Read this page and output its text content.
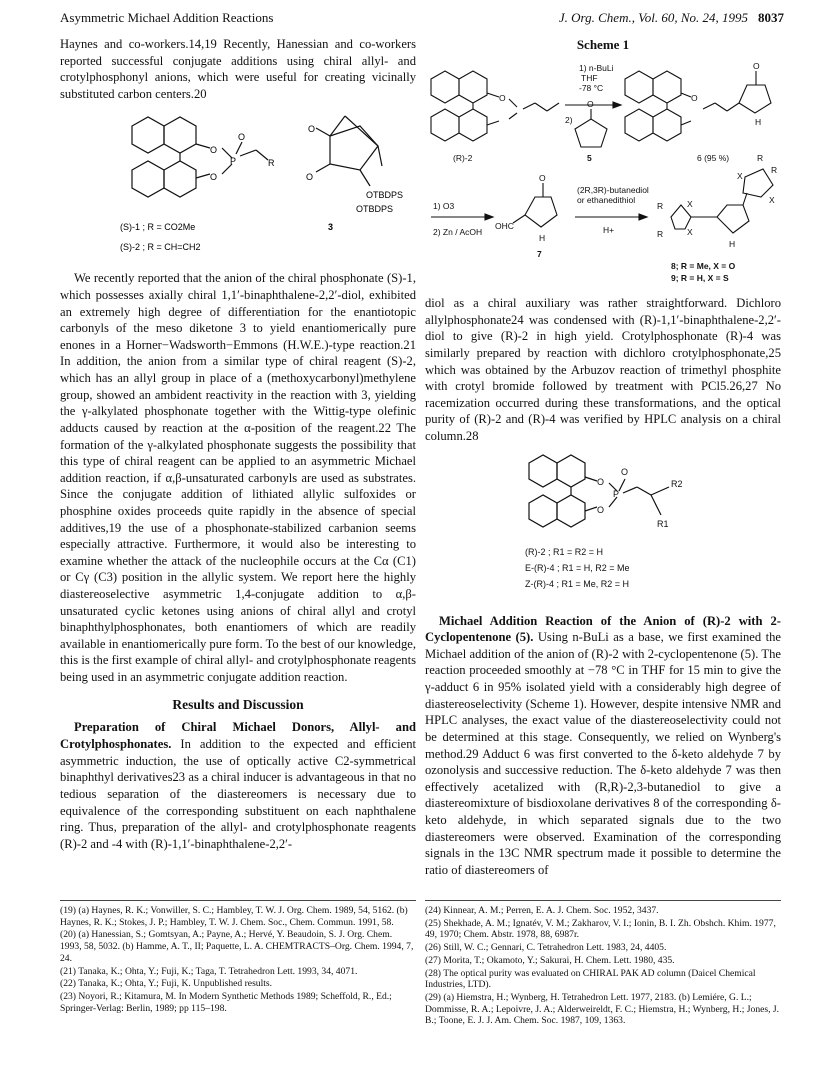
Asymmetric Michael Addition Reactions	J. Org. Chem., Vol. 60, No. 24, 1995 8037

Haynes and co-workers.14,19 Recently, Hanessian and co-workers reported successful conjugate additions using chiral allyl- and crotylphosphonyl anions, which were useful for creating vicinally substituted carbon centers.20

O
O
P
O
R
O
O
OTBDPS
OTBDPS
(S)-1 ; R = CO2Me
(S)-2 ; R = CH=CH2
3

We recently reported that the anion of the chiral phosphonate (S)-1, which possesses axially chiral 1,1′-binaphthalene-2,2′-diol, exhibited an extremely high degree of differentiation for the enantiotopic carbonyls of the meso diketone 3 to yield enantiomerically pure enones in a Horner−Wadsworth−Emmons (H.W.E.)-type reaction.21 In addition, the anion from a similar type of chiral reagent (S)-2, which has an allyl group in place of a (methoxycarbonyl)methylene group, showed an ambident reactivity in the reaction with 3, yielding the γ-alkylated phosphonate together with the Wittig-type olefinic adducts caused by reaction at the α-position of the reagent.22 The formation of the γ-alkylated phosphonate suggests the possibility that this type of chiral reagent can be applied to an asymmetric Michael addition reaction, if α,β-unsaturated carbonyls are used as substrates. Since the conjugate addition of lithiated allylic sulfoxides or phosphine oxides proceeds quite rapidly in the absence of special additives,19 the use of a phosphonate-stabilized carbanion seems especially attractive. Furthermore, it would also be interesting to examine whether the attack of the nucleophile occurs at the Cα (C1) or Cγ (C3) position in the allylic system. We report here the highly diastereoselective asymmetric 1,4-conjugate addition to α,β-unsaturated cyclic ketones using anions of chiral allyl and crotyl binaphthylphosphonates, both enantiomers of which are readily available in enantiomerically pure form. To the best of our knowledge, this is the first example of chiral allyl- and crotylphosphonate reagents being used in an asymmetric conjugate addition reaction.

Results and Discussion

Preparation of Chiral Michael Donors, Allyl- and Crotylphosphonates. In addition to the expected and efficient asymmetric induction, the use of optically active C2-symmetrical binaphthyl derivatives23 as a chiral inducer is advantageous in that no tedious separation of the diastereomers is necessary due to equivalence of the corresponding substituent on each naphthalene ring. Thus, preparation of the allyl- and crotylphosphonate reagents (R)-2 and -4 with (R)-1,1′-binaphthalene-2,2′-

Scheme 1
1) n-BuLi
THF
-78 °C
2)
O
O	O
O
H
(R)-2	5	6 (95 %)
1) O3
2) Zn / AcOH
OHC
O
H
7
(2R,3R)-butanediol
or ethanedithiol
H+
R
R
X
X
X
X
R
R
H
8; R = Me, X = O
9; R = H, X = S

diol as a chiral auxiliary was rather straightforward. Dichloro allylphosphonate24 was condensed with (R)-1,1′-binaphthalene-2,2′-diol to give (R)-2 in high yield. Crotylphosphonate (R)-4 was similarly prepared by reaction with dichloro crotylphosphonate,25 which was obtained by the Arbuzov reaction of trimethyl phosphite with crotyl bromide followed by treatment with PCl5.26,27 No racemization occurred during these transformations, and the optical purity of (R)-2 and (R)-4 was verified by HPLC analysis on a chiral column.28

O
O
P
O
R2
R1
(R)-2 ; R1 = R2 = H
E-(R)-4 ; R1 = H, R2 = Me
Z-(R)-4 ; R1 = Me, R2 = H

Michael Addition Reaction of the Anion of (R)-2 with 2-Cyclopentenone (5). Using n-BuLi as a base, we first examined the Michael addition of the anion of (R)-2 with 2-cyclopentenone (5). The reaction proceeded smoothly at −78 °C in THF for 15 min to give the γ-adduct 6 in 95% isolated yield with a considerably high degree of diastereoselectivity (Scheme 1). However, despite intensive NMR and HPLC analyses, the exact value of the diastereoselectivity could not be determined at this stage. Consequently, we relied on Wynberg's method.29 Adduct 6 was first converted to the δ-keto aldehyde 7 by ozonolysis and successive reduction. The δ-keto aldehyde 7 was then effectively acetalized with (R,R)-2,3-butanediol to give a diastereomixture of bisdioxolane derivatives 8 of the corresponding δ-keto aldehyde, in which separated signals due to the two diastereomers were observed. Examination of the corresponding signals in the 13C NMR spectrum made it possible to determine the ratio of diastereomers of

(19) (a) Haynes, R. K.; Vonwiller, S. C.; Hambley, T. W. J. Org. Chem. 1989, 54, 5162. (b) Haynes, R. K.; Stokes, J. P.; Hambley, T. W. J. Chem. Soc., Chem. Commun. 1991, 58.
(20) (a) Hanessian, S.; Gomtsyan, A.; Payne, A.; Hervé, Y. Beaudoin, S. J. Org. Chem. 1993, 58, 5032. (b) Hamme, A. T., II; Paquette, L. A. CHEMTRACTS–Org. Chem. 1994, 7, 24.
(21) Tanaka, K.; Ohta, Y.; Fuji, K.; Taga, T. Tetrahedron Lett. 1993, 34, 4071.
(22) Tanaka, K.; Ohta, Y.; Fuji, K. Unpublished results.
(23) Noyori, R.; Kitamura, M. In Modern Synthetic Methods 1989; Scheffold, R., Ed.; Springer-Verlag: Berlin, 1989; pp 115–198.
(24) Kinnear, A. M.; Perren, E. A. J. Chem. Soc. 1952, 3437.
(25) Shekhade, A. M.; Ignatév, V. M.; Zakharov, V. I.; Ionin, B. I. Zh. Obshch. Khim. 1977, 49, 1970; Chem. Abstr. 1978, 88, 6987r.
(26) Still, W. C.; Gennari, C. Tetrahedron Lett. 1983, 24, 4405.
(27) Morita, T.; Okamoto, Y.; Sakurai, H. Chem. Lett. 1980, 435.
(28) The optical purity was evaluated on CHIRAL PAK AD column (Daicel Chemical Industries, LTD).
(29) (a) Hiemstra, H.; Wynberg, H. Tetrahedron Lett. 1977, 2183. (b) Lemiére, G. L.; Dommisse, R. A.; Lepoivre, J. A.; Alderweireldt, F. C.; Hiemstra, H.; Wynberg, H.; Jones, J. B.; Toone, E. J. J. Am. Chem. Soc. 1987, 109, 1363.
